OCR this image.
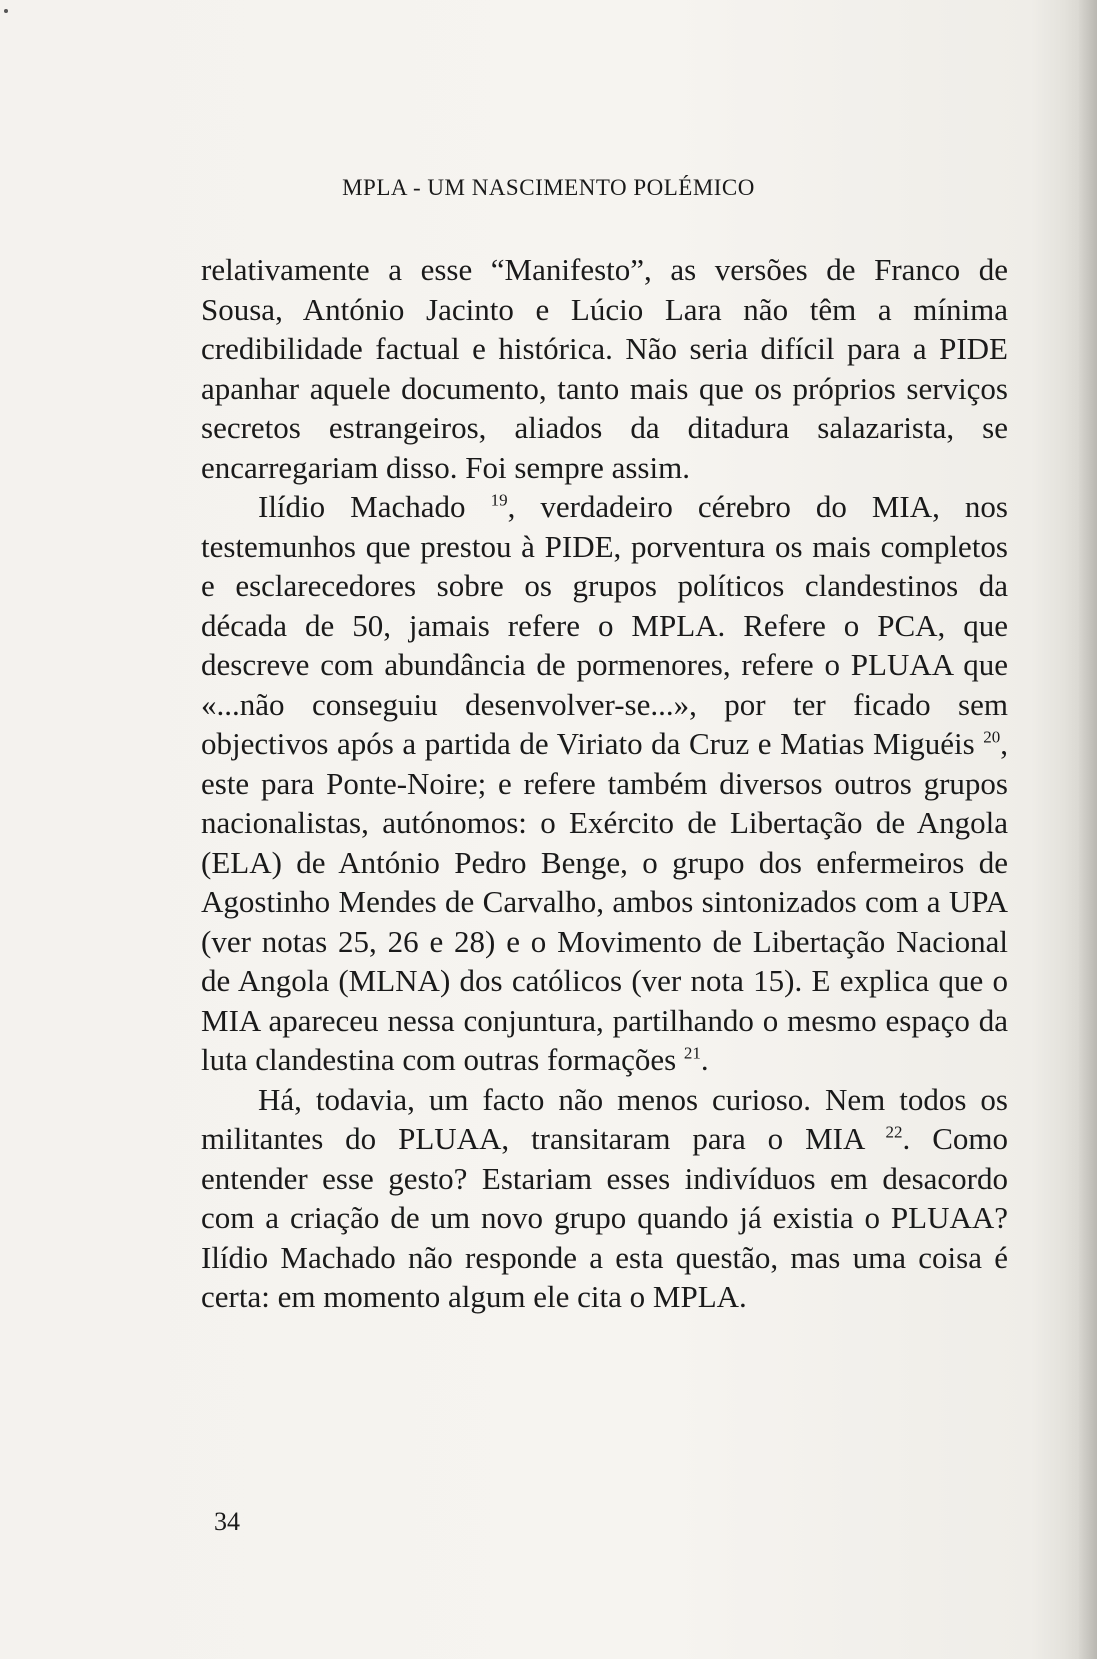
MPLA - UM NASCIMENTO POLÉMICO

relativamente a esse “Manifesto”, as versões de Franco de Sousa, António Jacinto e Lúcio Lara não têm a mínima credibilidade factual e histórica. Não seria difícil para a PIDE apanhar aquele documento, tanto mais que os próprios serviços secretos estrangeiros, aliados da ditadura salazarista, se encarregariam disso. Foi sempre assim.

Ilídio Machado $^{19}$, verdadeiro cérebro do MIA, nos testemunhos que prestou à PIDE, porventura os mais completos e esclarecedores sobre os grupos políticos clandestinos da década de 50, jamais refere o MPLA. Refere o PCA, que descreve com abundância de pormenores, refere o PLUAA que «...não conseguiu desenvolver-se...», por ter ficado sem objectivos após a partida de Viriato da Cruz e Matias Miguéis $^{20}$, este para Ponte-Noire; e refere também diversos outros grupos nacionalistas, autónomos: o Exército de Libertação de Angola (ELA) de António Pedro Benge, o grupo dos enfermeiros de Agostinho Mendes de Carvalho, ambos sintonizados com a UPA (ver notas 25, 26 e 28) e o Movimento de Libertação Nacional de Angola (MLNA) dos católicos (ver nota 15). E explica que o MIA apareceu nessa conjuntura, partilhando o mesmo espaço da luta clandestina com outras formações $^{21}$.

Há, todavia, um facto não menos curioso. Nem todos os militantes do PLUAA, transitaram para o MIA $^{22}$. Como entender esse gesto? Estariam esses indivíduos em desacordo com a criação de um novo grupo quando já existia o PLUAA? Ilídio Machado não responde a esta questão, mas uma coisa é certa: em momento algum ele cita o MPLA.

34
